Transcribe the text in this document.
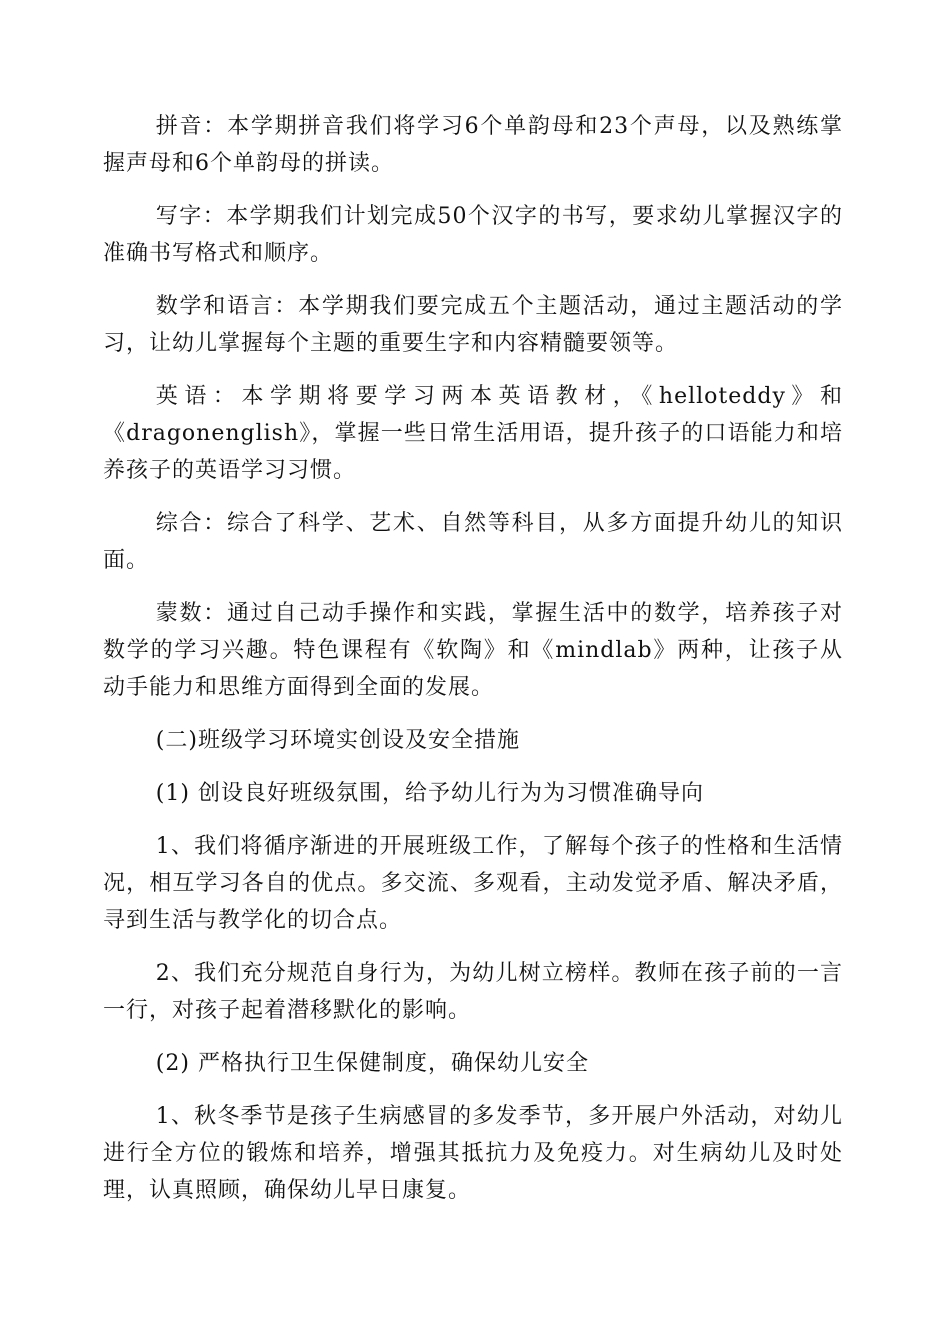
拼音：本学期拼音我们将学习6个单韵母和23个声母，以及熟练掌握声母和6个单韵母的拼读。

写字：本学期我们计划完成50个汉字的书写，要求幼儿掌握汉字的准确书写格式和顺序。

数学和语言：本学期我们要完成五个主题活动，通过主题活动的学习，让幼儿掌握每个主题的重要生字和内容精髓要领等。

英语：本学期将要学习两本英语教材，《helloteddy》和《dragonenglish》，掌握一些日常生活用语，提升孩子的口语能力和培养孩子的英语学习习惯。

综合：综合了科学、艺术、自然等科目，从多方面提升幼儿的知识面。

蒙数：通过自己动手操作和实践，掌握生活中的数学，培养孩子对数学的学习兴趣。特色课程有《软陶》和《mindlab》两种，让孩子从动手能力和思维方面得到全面的发展。

(二)班级学习环境实创设及安全措施

(1) 创设良好班级氛围，给予幼儿行为为习惯准确导向

1、我们将循序渐进的开展班级工作，了解每个孩子的性格和生活情况，相互学习各自的优点。多交流、多观看，主动发觉矛盾、解决矛盾，寻到生活与教学化的切合点。

2、我们充分规范自身行为，为幼儿树立榜样。教师在孩子前的一言一行，对孩子起着潜移默化的影响。

(2) 严格执行卫生保健制度，确保幼儿安全

1、秋冬季节是孩子生病感冒的多发季节，多开展户外活动，对幼儿进行全方位的锻炼和培养，增强其抵抗力及免疫力。对生病幼儿及时处理，认真照顾，确保幼儿早日康复。
